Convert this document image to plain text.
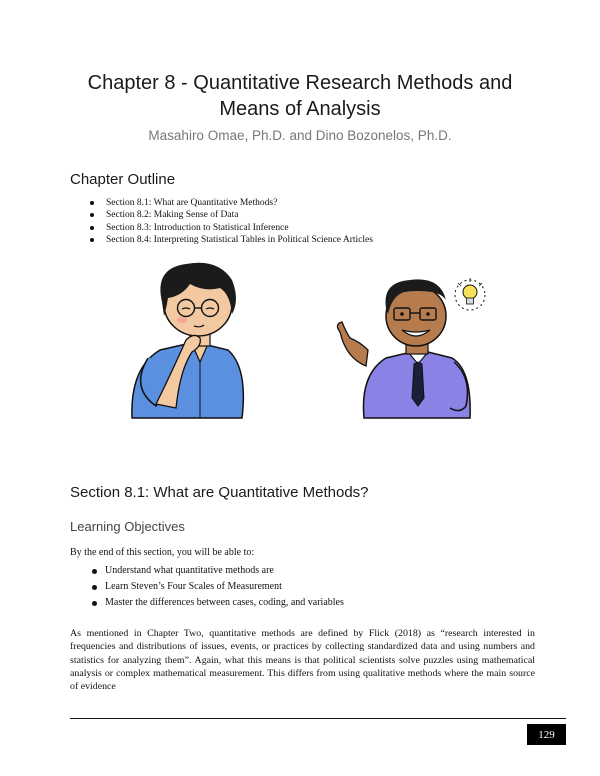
Chapter 8 - Quantitative Research Methods and
Means of Analysis
Masahiro Omae, Ph.D. and Dino Bozonelos, Ph.D.
Chapter Outline
Section 8.1: What are Quantitative Methods?
Section 8.2: Making Sense of Data
Section 8.3: Introduction to Statistical Inference
Section 8.4: Interpreting Statistical Tables in Political Science Articles
Section 8.1: What are Quantitative Methods?
Learning Objectives
By the end of this section, you will be able to:
Understand what quantitative methods are
Learn Steven’s Four Scales of Measurement
Master the differences between cases, coding, and variables

As mentioned in Chapter Two, quantitative methods are defined by Flick (2018) as “research interested in frequencies and distributions of issues, events, or practices by collecting standardized data and using numbers and statistics for analyzing them”. Again, what this means is that political scientists solve puzzles using mathematical analysis or complex mathematical measurement. This differs from using qualitative methods where the main source of evidence

129
